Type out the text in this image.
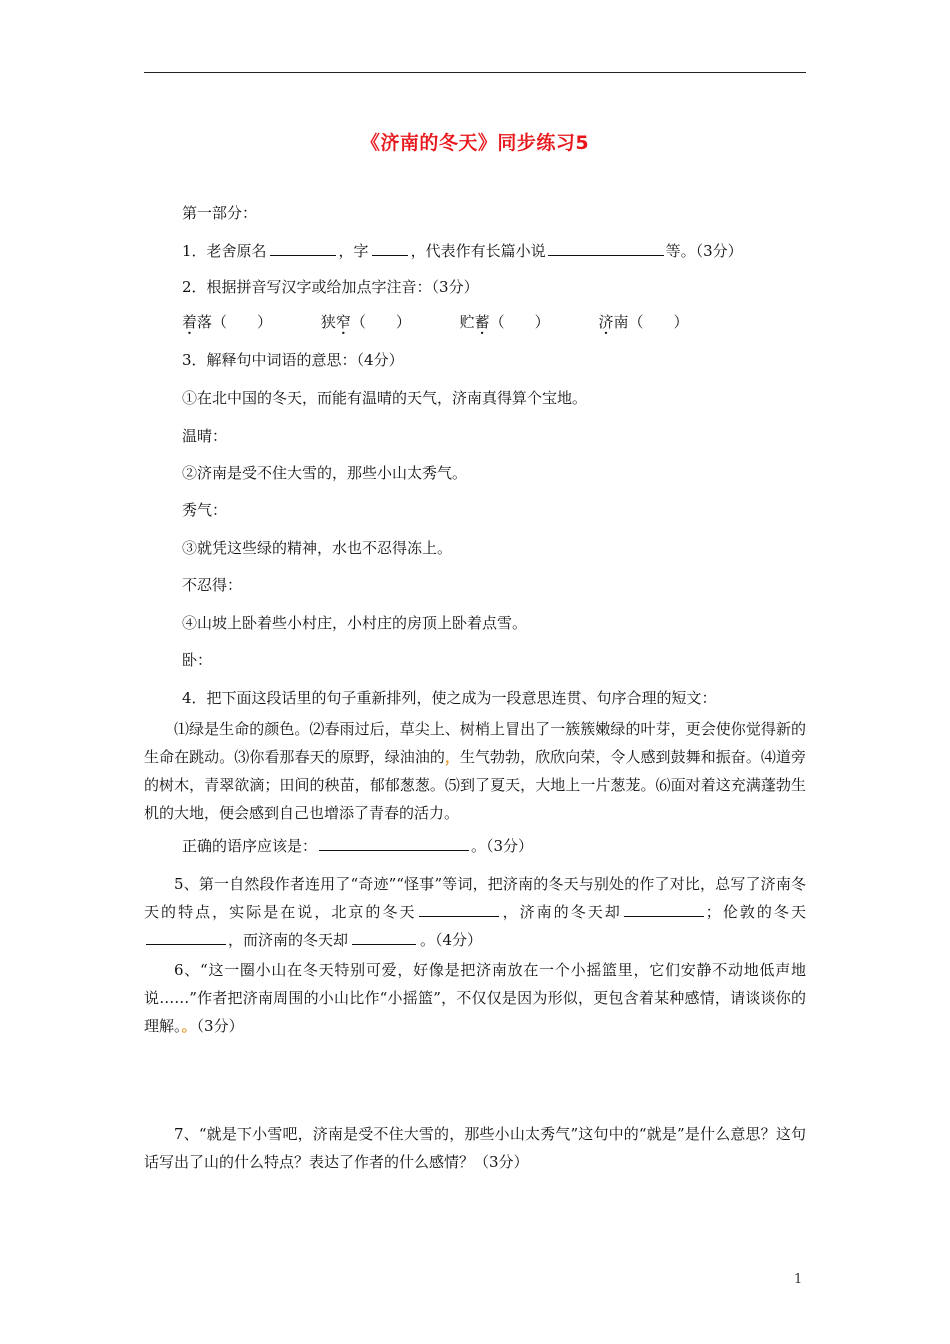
《济南的冬天》同步练习5
第一部分：
1．老舍原名	，字	，代表作有长篇小说	等。（3分）
2．根据拼音写汉字或给加点字注音：（3分）
着落（　　）	狭窄（　　）	贮蓄（　　）	济南（　　）
3．解释句中词语的意思：（4分）
①在北中国的冬天，而能有温晴的天气，济南真得算个宝地。
温晴：
②济南是受不住大雪的，那些小山太秀气。
秀气：
③就凭这些绿的精神，水也不忍得冻上。
不忍得：
④山坡上卧着些小村庄，小村庄的房顶上卧着点雪。
卧：
4．把下面这段话里的句子重新排列，使之成为一段意思连贯、句序合理的短文：
⑴绿是生命的颜色。⑵春雨过后，草尖上、树梢上冒出了一簇簇嫩绿的叶芽，更会使你觉得新的生命在跳动。⑶你看那春天的原野，绿油油的，生气勃勃，欣欣向荣，令人感到鼓舞和振奋。⑷道旁的树木，青翠欲滴；田间的秧苗，郁郁葱葱。⑸到了夏天，大地上一片葱茏。⑹面对着这充满蓬勃生机的大地，便会感到自己也增添了青春的活力。
正确的语序应该是：	。（3分）
5、第一自然段作者连用了“奇迹”“怪事”等词，把济南的冬天与别处的作了对比，总写了济南冬天的特点，实际是在说，北京的冬天	，济南的冬天却	；伦敦的冬天，而济南的冬天却	。（4分）
6、“这一圈小山在冬天特别可爱，好像是把济南放在一个小摇篮里，它们安静不动地低声地说……”作者把济南周围的小山比作“小摇篮”，不仅仅是因为形似，更包含着某种感情，请谈谈你的理解。。（3分）
7、“就是下小雪吧，济南是受不住大雪的，那些小山太秀气”这句中的“就是”是什么意思？这句话写出了山的什么特点？表达了作者的什么感情？（3分）
1
